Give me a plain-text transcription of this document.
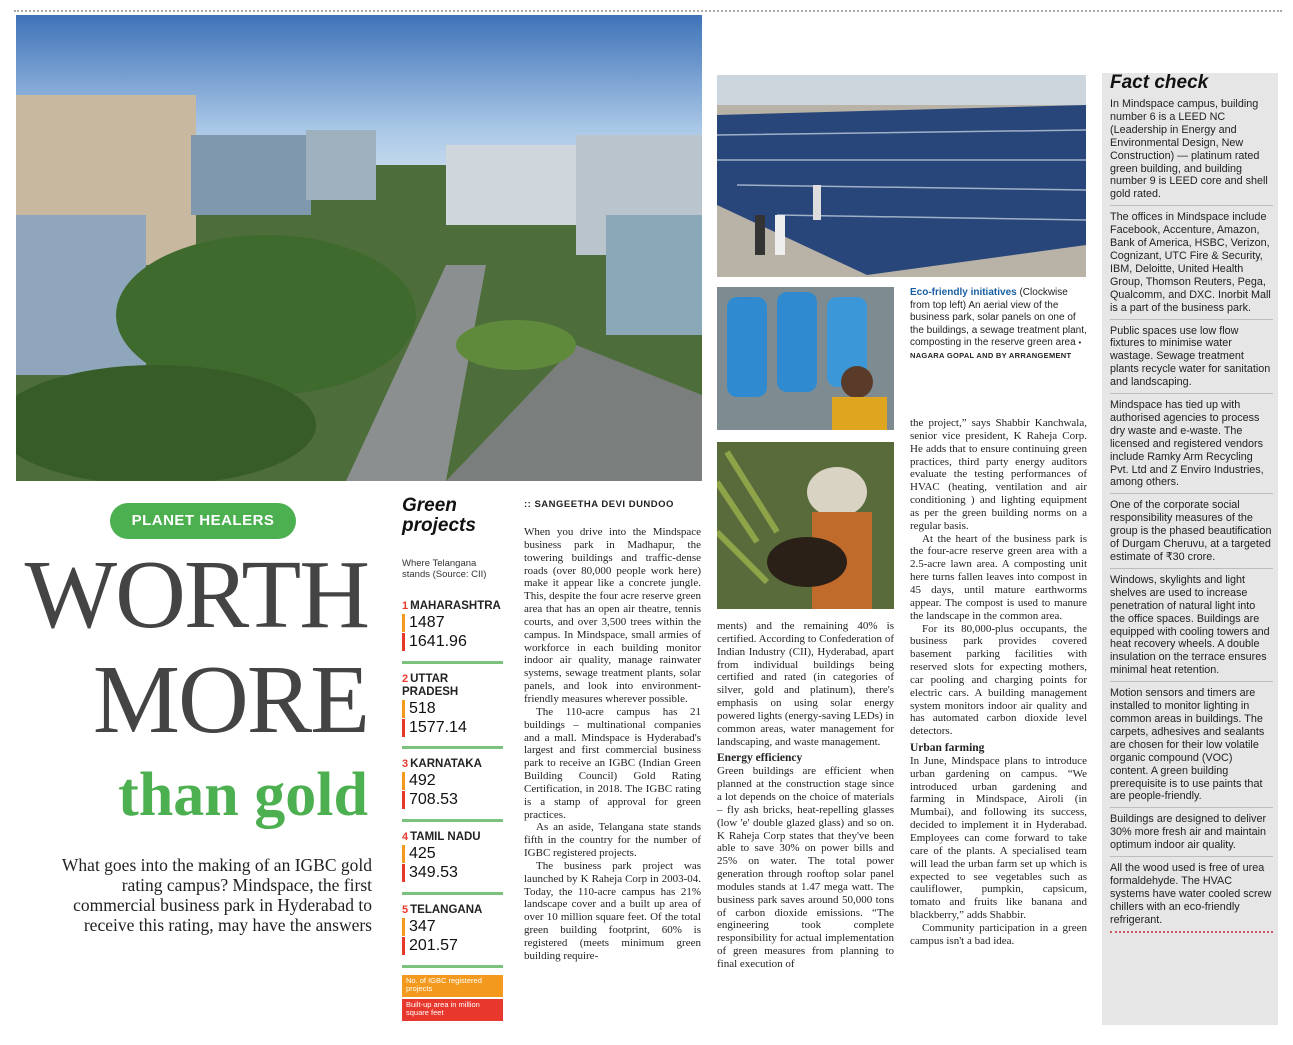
PLANET HEALERS
WORTH
MORE
than gold
What goes into the making of an IGBC gold rating campus? Mindspace, the first commercial business park in Hyderabad to receive this rating, may have the answers
Green
projects
Where Telangana stands (Source: CII)
1 MAHARASHTRA
1487
1641.96
2 UTTAR PRADESH
518
1577.14
3 KARNATAKA
492
708.53
4 TAMIL NADU
425
349.53
5 TELANGANA
347
201.57
No. of IGBC registered projects
Built-up area in million square feet
:: SANGEETHA DEVI DUNDOO

When you drive into the Mindspace business park in Madhapur, the towering buildings and traffic-dense roads (over 80,000 people work here) make it appear like a concrete jungle. This, despite the four acre reserve green area that has an open air theatre, tennis courts, and over 3,500 trees within the campus. In Mindspace, small armies of workforce in each building monitor indoor air quality, manage rainwater systems, sewage treatment plants, solar panels, and look into environment-friendly measures wherever possible.

The 110-acre campus has 21 buildings – multinational companies and a mall. Mindspace is Hyderabad's largest and first commercial business park to receive an IGBC (Indian Green Building Council) Gold Rating Certification, in 2018. The IGBC rating is a stamp of approval for green practices.

As an aside, Telangana state stands fifth in the country for the number of IGBC registered projects.

The business park project was launched by K Raheja Corp in 2003-04. Today, the 110-acre campus has 21% landscape cover and a built up area of over 10 million square feet. Of the total green building footprint, 60% is registered (meets minimum green building require-

ments) and the remaining 40% is certified. According to Confederation of Indian Industry (CII), Hyderabad, apart from individual buildings being certified and rated (in categories of silver, gold and platinum), there's emphasis on using solar energy powered lights (energy-saving LEDs) in common areas, water management for landscaping, and waste management.

Energy efficiency

Green buildings are efficient when planned at the construction stage since a lot depends on the choice of materials – fly ash bricks, heat-repelling glasses (low 'e' double glazed glass) and so on. K Raheja Corp states that they've been able to save 30% on power bills and 25% on water. The total power generation through rooftop solar panel modules stands at 1.47 mega watt. The business park saves around 50,000 tons of carbon dioxide emissions. “The engineering took complete responsibility for actual implementation of green measures from planning to final execution of

Eco-friendly initiatives (Clockwise from top left) An aerial view of the business park, solar panels on one of the buildings, a sewage treatment plant, composting in the reserve green area • NAGARA GOPAL AND BY ARRANGEMENT

the project,” says Shabbir Kanchwala, senior vice president, K Raheja Corp. He adds that to ensure continuing green practices, third party energy auditors evaluate the testing performances of HVAC (heating, ventilation and air conditioning ) and lighting equipment as per the green building norms on a regular basis.

At the heart of the business park is the four-acre reserve green area with a 2.5-acre lawn area. A composting unit here turns fallen leaves into compost in 45 days, until mature earthworms appear. The compost is used to manure the landscape in the common area.

For its 80,000-plus occupants, the business park provides covered basement parking facilities with reserved slots for expecting mothers, car pooling and charging points for electric cars. A building management system monitors indoor air quality and has automated carbon dioxide level detectors.

Urban farming

In June, Mindspace plans to introduce urban gardening on campus. “We introduced urban gardening and farming in Mindspace, Airoli (in Mumbai), and following its success, decided to implement it in Hyderabad. Employees can come forward to take care of the plants. A specialised team will lead the urban farm set up which is expected to see vegetables such as cauliflower, pumpkin, capsicum, tomato and fruits like banana and blackberry,” adds Shabbir.

Community participation in a green campus isn't a bad idea.

Fact check
In Mindspace campus, building number 6 is a LEED NC (Leadership in Energy and Environmental Design, New Construction) — platinum rated green building, and building number 9 is LEED core and shell gold rated.
The offices in Mindspace include Facebook, Accenture, Amazon, Bank of America, HSBC, Verizon, Cognizant, UTC Fire & Security, IBM, Deloitte, United Health Group, Thomson Reuters, Pega, Qualcomm, and DXC. Inorbit Mall is a part of the business park.
Public spaces use low flow fixtures to minimise water wastage. Sewage treatment plants recycle water for sanitation and landscaping.
Mindspace has tied up with authorised agencies to process dry waste and e-waste. The licensed and registered vendors include Ramky Arm Recycling Pvt. Ltd and Z Enviro Industries, among others.
One of the corporate social responsibility measures of the group is the phased beautification of Durgam Cheruvu, at a targeted estimate of ₹30 crore.
Windows, skylights and light shelves are used to increase penetration of natural light into the office spaces. Buildings are equipped with cooling towers and heat recovery wheels. A double insulation on the terrace ensures minimal heat retention.
Motion sensors and timers are installed to monitor lighting in common areas in buildings. The carpets, adhesives and sealants are chosen for their low volatile organic compound (VOC) content. A green building prerequisite is to use paints that are people-friendly.
Buildings are designed to deliver 30% more fresh air and maintain optimum indoor air quality.
All the wood used is free of urea formaldehyde. The HVAC systems have water cooled screw chillers with an eco-friendly refrigerant.
